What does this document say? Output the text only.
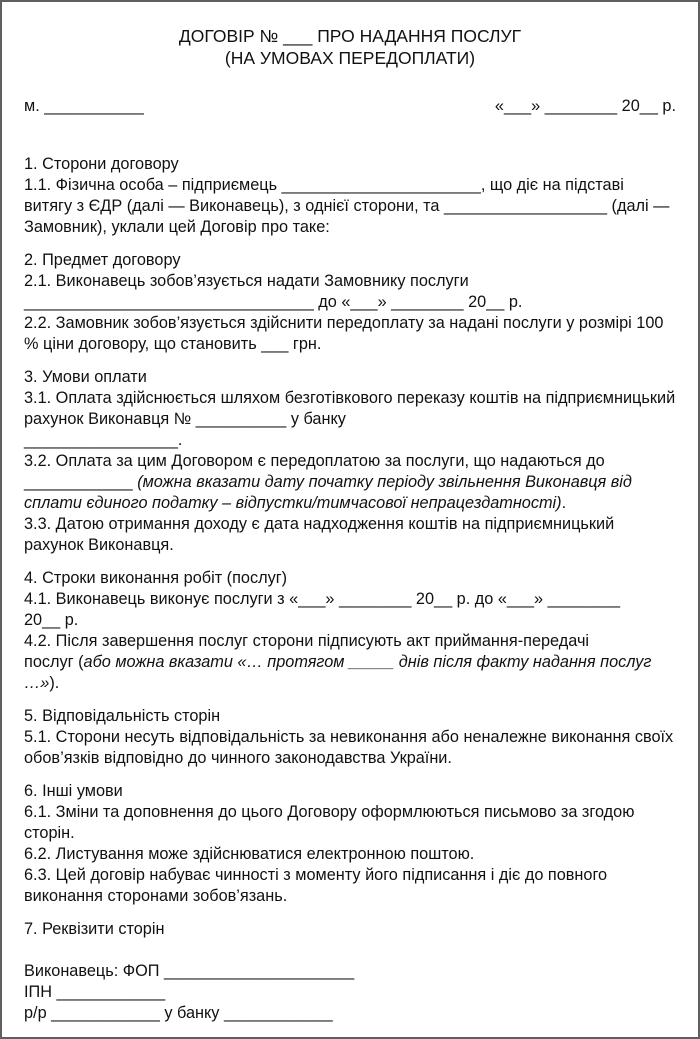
ДОГОВІР № ___ ПРО НАДАННЯ ПОСЛУГ
(НА УМОВАХ ПЕРЕДОПЛАТИ)
м. ___________	«___» ________ 20__ р.
1. Сторони договору

1.1. Фізична особа – підприємець ______________________, що діє на підставі витягу з ЄДР (далі — Виконавець), з однієї сторони, та __________________ (далі — Замовник), уклали цей Договір про таке:

2. Предмет договору

2.1. Виконавець зобов’язується надати Замовнику послуги ________________________________ до «___» ________ 20__ р.

2.2. Замовник зобов’язується здійснити передоплату за надані послуги у розмірі 100 % ціни договору, що становить ___ грн.

3. Умови оплати

3.1. Оплата здійснюється шляхом безготівкового переказу коштів на підприємницький  рахунок Виконавця № __________ у банку
_________________.

3.2. Оплата за цим Договором є передоплатою за послуги, що надаються до ____________ (можна вказати дату початку періоду звільнення Виконавця від сплати єдиного податку – відпустки/тимчасової непрацездатності).

3.3. Датою отримання доходу є дата надходження коштів на підприємницький рахунок Виконавця.

4. Строки виконання робіт (послуг)

4.1. Виконавець виконує послуги з «___» ________ 20__ р. до «___» ________
20__ р.

4.2. Після завершення послуг сторони підписують акт приймання-передачі
послуг (або можна вказати «… протягом _____ днів після факту надання послуг …»).

5. Відповідальність сторін

5.1. Сторони несуть відповідальність за невиконання або неналежне виконання своїх обов’язків відповідно до чинного законодавства України.

6. Інші умови

6.1. Зміни та доповнення до цього Договору оформлюються письмово за згодою сторін.

6.2. Листування може здійснюватися електронною поштою.

6.3. Цей договір набуває чинності з моменту його підписання і діє до повного виконання сторонами зобов’язань.

7. Реквізити сторін

Виконавець: ФОП _____________________

ІПН ____________

р/р ____________ у банку ____________
